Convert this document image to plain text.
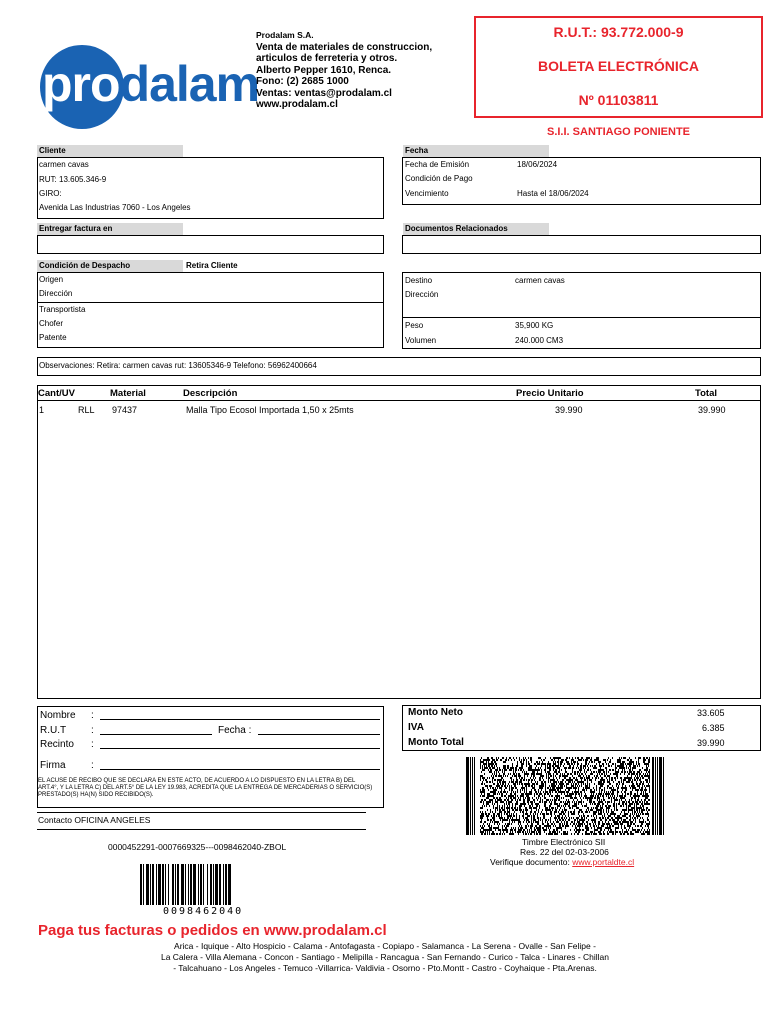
prodalam
Prodalam S.A.
Venta de materiales de construccion,
articulos de ferreteria y otros.
Alberto Pepper 1610, Renca.
Fono: (2) 2685 1000
Ventas: ventas@prodalam.cl
www.prodalam.cl
R.U.T.: 93.772.000-9
BOLETA ELECTRÓNICA
Nº 01103811
S.I.I. SANTIAGO PONIENTE
Cliente
carmen cavas
RUT: 13.605.346-9
GIRO:
Avenida Las Industrias 7060 - Los Angeles
Fecha
Fecha de Emisión	18/06/2024
Condición de Pago
Vencimiento	Hasta el 18/06/2024
Entregar factura en	Documentos Relacionados
Condición de Despacho	Retira Cliente
Origen
Dirección
Transportista
Chofer
Patente
Destino	carmen cavas
Dirección
Peso	35,900 KG
Volumen	240.000 CM3
Observaciones: Retira: carmen cavas rut: 13605346-9 Telefono: 56962400664
Cant/UV	Material	Descripción	Precio Unitario	Total
1	RLL 97437	Malla Tipo Ecosol Importada 1,50 x 25mts	39.990	39.990
Nombre :
R.U.T :	Fecha :
Recinto :
Firma	:
EL ACUSE DE RECIBO QUE SE DECLARA EN ESTE ACTO, DE ACUERDO A LO DISPUESTO EN LA LETRA B) DEL ART.4°, Y LA LETRA C) DEL ART.5° DE LA LEY 19.983, ACREDITA QUE LA ENTREGA DE MERCADERIAS O SERVICIO(S) PRESTADO(S) HA(N) SIDO RECIBIDO(S).
Contacto OFICINA ANGELES
Monto Neto	33.605
IVA	6.385
Monto Total	39.990
Timbre Electrónico SII
Res. 22 del 02-03-2006
Verifique documento: www.portaldte.cl
0000452291-0007669325---0098462040-ZBOL
0098462040
Paga tus facturas o pedidos en www.prodalam.cl
Arica - Iquique - Alto Hospicio - Calama - Antofagasta - Copiapo - Salamanca - La Serena - Ovalle - San Felipe -
La Calera - Villa Alemana - Concon - Santiago - Melipilla - Rancagua - San Fernando - Curico - Talca - Linares - Chillan
- Talcahuano - Los Angeles - Temuco -Villarrica- Valdivia - Osorno - Pto.Montt - Castro - Coyhaique - Pta.Arenas.
